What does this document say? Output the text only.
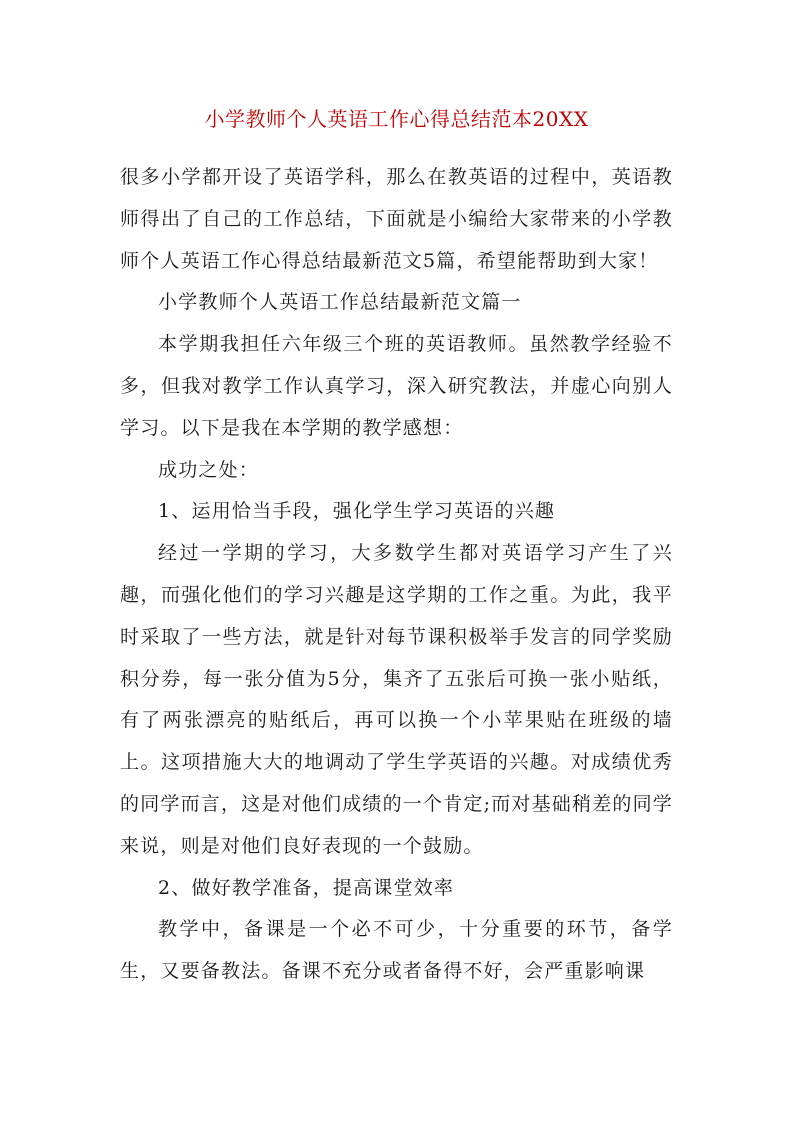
小学教师个人英语工作心得总结范本20XX

很多小学都开设了英语学科，那么在教英语的过程中，英语教师得出了自己的工作总结，下面就是小编给大家带来的小学教师个人英语工作心得总结最新范文5篇，希望能帮助到大家！

小学教师个人英语工作总结最新范文篇一

本学期我担任六年级三个班的英语教师。虽然教学经验不多，但我对教学工作认真学习，深入研究教法，并虚心向别人学习。以下是我在本学期的教学感想：

成功之处：

1、运用恰当手段，强化学生学习英语的兴趣

经过一学期的学习，大多数学生都对英语学习产生了兴趣，而强化他们的学习兴趣是这学期的工作之重。为此，我平时采取了一些方法，就是针对每节课积极举手发言的同学奖励积分券，每一张分值为5分，集齐了五张后可换一张小贴纸，有了两张漂亮的贴纸后，再可以换一个小苹果贴在班级的墙上。这项措施大大的地调动了学生学英语的兴趣。对成绩优秀的同学而言，这是对他们成绩的一个肯定;而对基础稍差的同学来说，则是对他们良好表现的一个鼓励。

2、做好教学准备，提高课堂效率

教学中，备课是一个必不可少，十分重要的环节，备学生，又要备教法。备课不充分或者备得不好，会严重影响课
